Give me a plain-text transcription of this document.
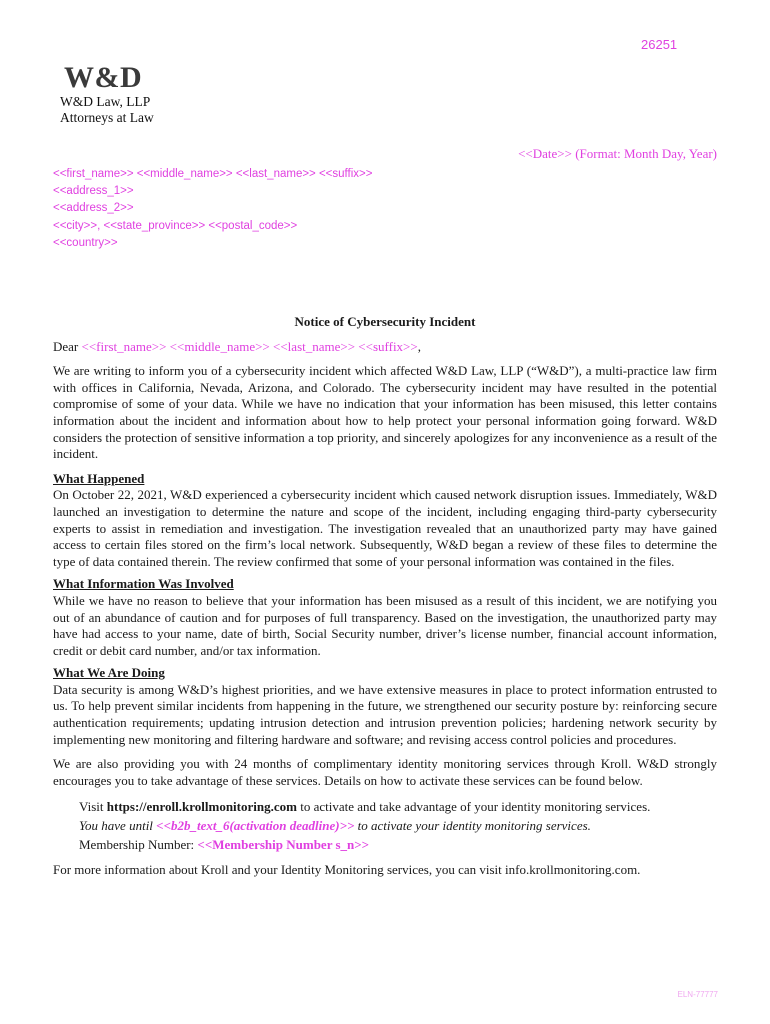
26251
W&D
W&D Law, LLP
Attorneys at Law
<<Date>> (Format: Month Day, Year)
<<first_name>> <<middle_name>> <<last_name>> <<suffix>>
<<address_1>>
<<address_2>>
<<city>>, <<state_province>> <<postal_code>>
<<country>>
Notice of Cybersecurity Incident
Dear <<first_name>> <<middle_name>> <<last_name>> <<suffix>>,

We are writing to inform you of a cybersecurity incident which affected W&D Law, LLP (“W&D”), a multi-practice law firm with offices in California, Nevada, Arizona, and Colorado. The cybersecurity incident may have resulted in the potential compromise of some of your data. While we have no indication that your information has been misused, this letter contains information about the incident and information about how to help protect your personal information going forward. W&D considers the protection of sensitive information a top priority, and sincerely apologizes for any inconvenience as a result of the incident.

What Happened

On October 22, 2021, W&D experienced a cybersecurity incident which caused network disruption issues. Immediately, W&D launched an investigation to determine the nature and scope of the incident, including engaging third-party cybersecurity experts to assist in remediation and investigation. The investigation revealed that an unauthorized party may have gained access to certain files stored on the firm’s local network. Subsequently, W&D began a review of these files to determine the type of data contained therein. The review confirmed that some of your personal information was contained in the files.

What Information Was Involved

While we have no reason to believe that your information has been misused as a result of this incident, we are notifying you out of an abundance of caution and for purposes of full transparency. Based on the investigation, the unauthorized party may have had access to your name, date of birth, Social Security number, driver’s license number, financial account information, credit or debit card number, and/or tax information.

What We Are Doing

Data security is among W&D’s highest priorities, and we have extensive measures in place to protect information entrusted to us. To help prevent similar incidents from happening in the future, we strengthened our security posture by: reinforcing secure authentication requirements; updating intrusion detection and intrusion prevention policies; hardening network security by implementing new monitoring and filtering hardware and software; and revising access control policies and procedures.

We are also providing you with 24 months of complimentary identity monitoring services through Kroll. W&D strongly encourages you to take advantage of these services. Details on how to activate these services can be found below.

Visit https://enroll.krollmonitoring.com to activate and take advantage of your identity monitoring services.
You have until <<b2b_text_6(activation deadline)>> to activate your identity monitoring services.
Membership Number: <<Membership Number s_n>>

For more information about Kroll and your Identity Monitoring services, you can visit info.krollmonitoring.com.

ELN-77777
